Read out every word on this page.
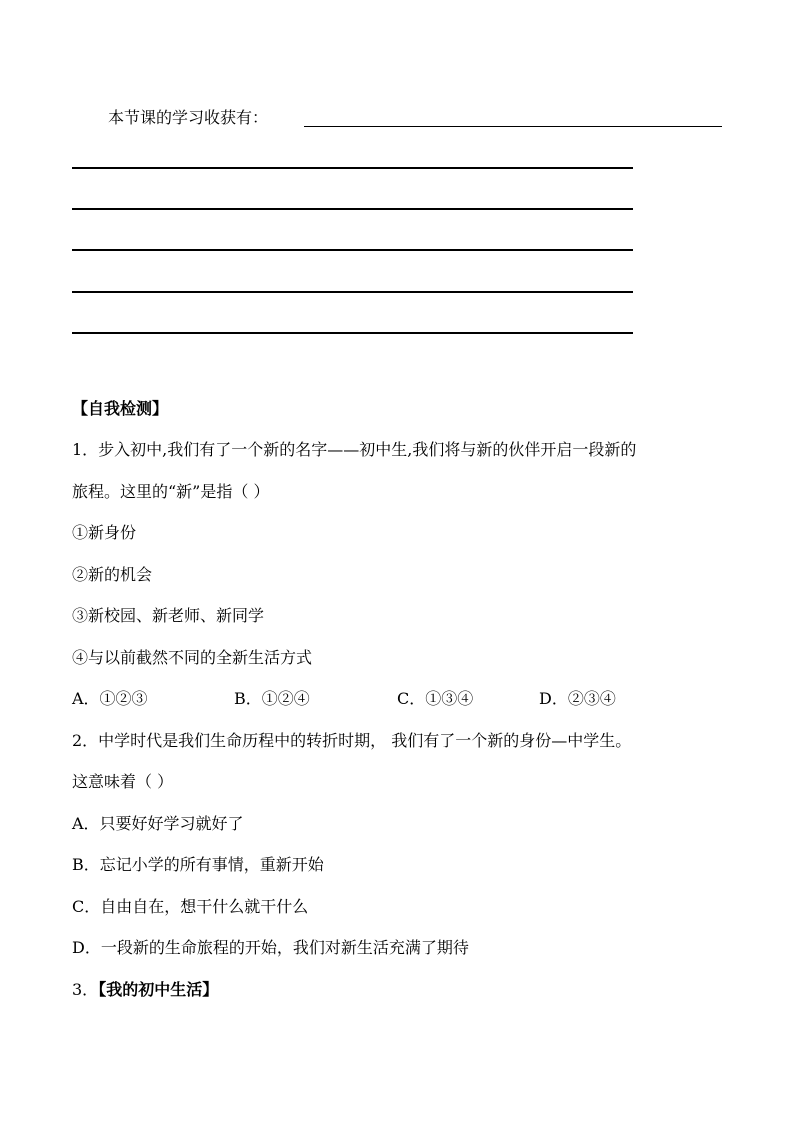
本节课的学习收获有：
【自我检测】
1．步入初中,我们有了一个新的名字——初中生,我们将与新的伙伴开启一段新的
旅程。这里的“新”是指（ ）
①新身份
②新的机会
③新校园、新老师、新同学
④与以前截然不同的全新生活方式
A．①②③	B．①②④	C．①③④	D．②③④
2．中学时代是我们生命历程中的转折时期， 我们有了一个新的身份—中学生。
这意味着（ ）
A．只要好好学习就好了
B．忘记小学的所有事情，重新开始
C．自由自在，想干什么就干什么
D．一段新的生命旅程的开始，我们对新生活充满了期待
3．【我的初中生活】
